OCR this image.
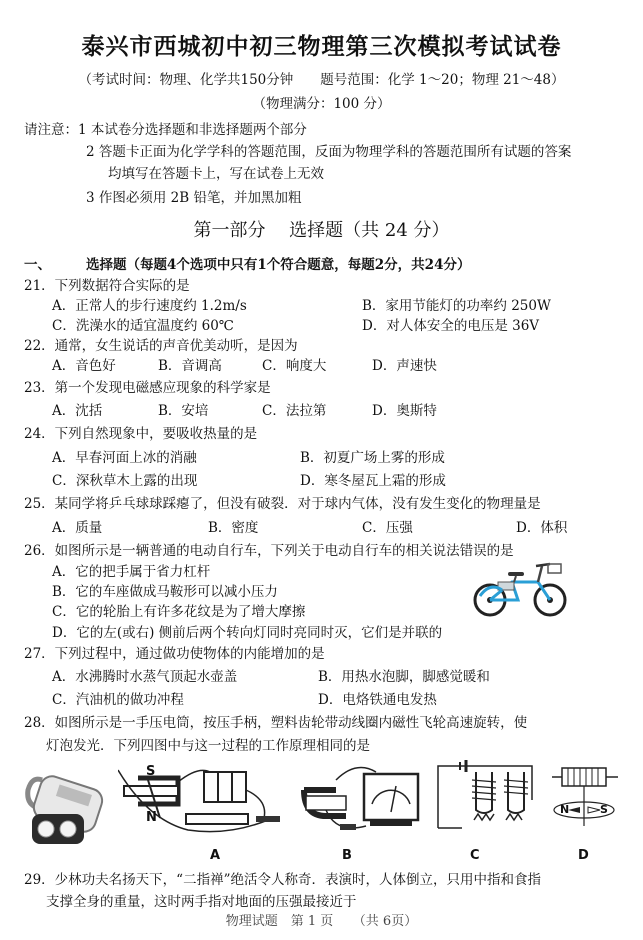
泰兴市西城初中初三物理第三次模拟考试试卷
（考试时间：物理、化学共150分钟　　题号范围：化学 1～20；物理 21～48）
（物理满分：100 分）
请注意：1 本试卷分选择题和非选择题两个部分
2 答题卡正面为化学学科的答题范围，反面为物理学科的答题范围所有试题的答案
均填写在答题卡上，写在试卷上无效
3 作图必须用 2B 铅笔，并加黑加粗
第一部分　 选择题（共 24 分）
一、	选择题（每题4个选项中只有1个符合题意，每题2分，共24分）
21．下列数据符合实际的是
A．正常人的步行速度约 1.2m/s	B．家用节能灯的功率约 250W
C．洗澡水的适宜温度约 60℃	D．对人体安全的电压是 36V
22．通常，女生说话的声音优美动听，是因为
A．音色好	B．音调高	C．响度大	D．声速快
23．第一个发现电磁感应现象的科学家是
A．沈括	B．安培	C．法拉第	D．奥斯特
24．下列自然现象中，要吸收热量的是
A．早春河面上冰的消融	B．初夏广场上雾的形成
C．深秋草木上露的出现	D．寒冬屋瓦上霜的形成
25．某同学将乒乓球球踩瘪了，但没有破裂．对于球内气体，没有发生变化的物理量是
A．质量	B．密度	C．压强	D．体积
26．如图所示是一辆普通的电动自行车，下列关于电动自行车的相关说法错误的是
A．它的把手属于省力杠杆
B．它的车座做成马鞍形可以减小压力
C．它的轮胎上有许多花纹是为了增大摩擦
D．它的左(或右) 侧前后两个转向灯同时亮同时灭，它们是并联的
27．下列过程中，通过做功使物体的内能增加的是
A．水沸腾时水蒸气顶起水壶盖	B．用热水泡脚，脚感觉暖和
C．汽油机的做功冲程	D．电烙铁通电发热
28．如图所示是一手压电筒，按压手柄，塑料齿轮带动线圈内磁性飞轮高速旋转，使
灯泡发光．下列四图中与这一过程的工作原理相同的是
S
N
N	S
A	B	C	D
29．少林功夫名扬天下，“二指禅”绝活令人称奇．表演时，人体倒立，只用中指和食指
支撑全身的重量，这时两手指对地面的压强最接近于
物理试题　第 1 页　　（共 6页）
